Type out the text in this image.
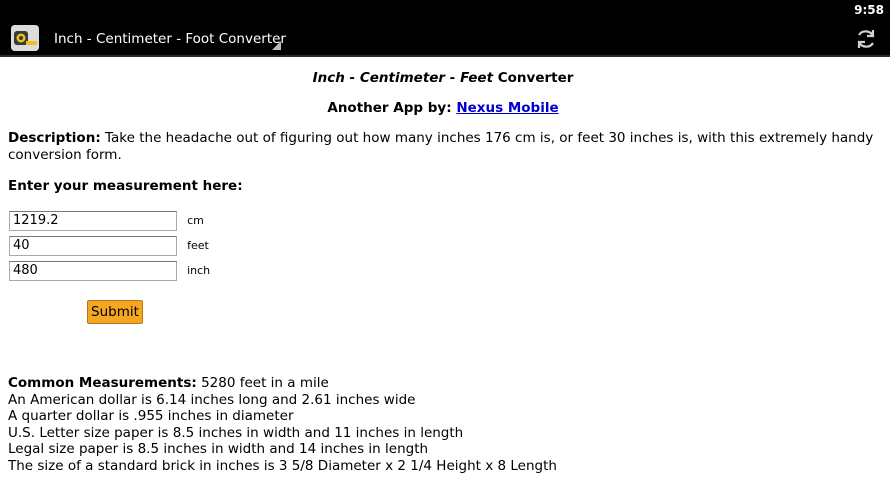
9:58
Inch - Centimeter - Foot Converter
Inch - Centimeter - Feet Converter
Another App by: Nexus Mobile
Description: Take the headache out of figuring out how many inches 176 cm is, or feet 30 inches is, with this extremely handy conversion form.
Enter your measurement here:
1219.2 cm
40 feet
480 inch
Submit
Common Measurements: 5280 feet in a mile
An American dollar is 6.14 inches long and 2.61 inches wide
A quarter dollar is .955 inches in diameter
U.S. Letter size paper is 8.5 inches in width and 11 inches in length
Legal size paper is 8.5 inches in width and 14 inches in length
The size of a standard brick in inches is 3 5/8 Diameter x 2 1/4 Height x 8 Length
